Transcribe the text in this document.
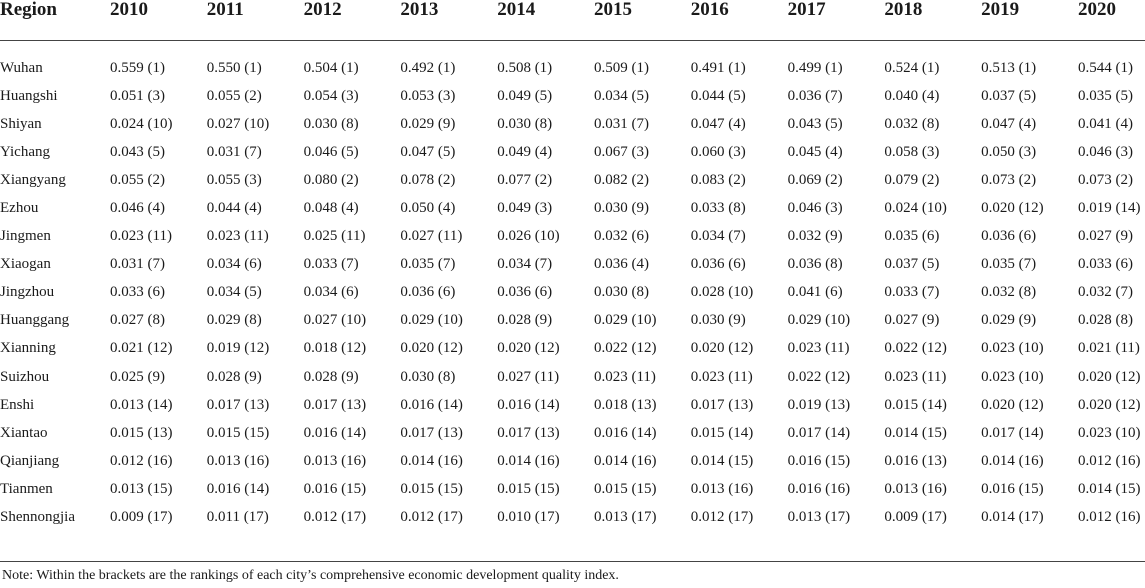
Region	2010	2011	2012	2013	2014	2015	2016	2017	2018	2019	2020

Wuhan	0.559 (1)	0.550 (1)	0.504 (1)	0.492 (1)	0.508 (1)	0.509 (1)	0.491 (1)	0.499 (1)	0.524 (1)	0.513 (1)	0.544 (1)
Huangshi	0.051 (3)	0.055 (2)	0.054 (3)	0.053 (3)	0.049 (5)	0.034 (5)	0.044 (5)	0.036 (7)	0.040 (4)	0.037 (5)	0.035 (5)
Shiyan	0.024 (10)	0.027 (10)	0.030 (8)	0.029 (9)	0.030 (8)	0.031 (7)	0.047 (4)	0.043 (5)	0.032 (8)	0.047 (4)	0.041 (4)
Yichang	0.043 (5)	0.031 (7)	0.046 (5)	0.047 (5)	0.049 (4)	0.067 (3)	0.060 (3)	0.045 (4)	0.058 (3)	0.050 (3)	0.046 (3)
Xiangyang	0.055 (2)	0.055 (3)	0.080 (2)	0.078 (2)	0.077 (2)	0.082 (2)	0.083 (2)	0.069 (2)	0.079 (2)	0.073 (2)	0.073 (2)
Ezhou	0.046 (4)	0.044 (4)	0.048 (4)	0.050 (4)	0.049 (3)	0.030 (9)	0.033 (8)	0.046 (3)	0.024 (10)	0.020 (12)	0.019 (14)
Jingmen	0.023 (11)	0.023 (11)	0.025 (11)	0.027 (11)	0.026 (10)	0.032 (6)	0.034 (7)	0.032 (9)	0.035 (6)	0.036 (6)	0.027 (9)
Xiaogan	0.031 (7)	0.034 (6)	0.033 (7)	0.035 (7)	0.034 (7)	0.036 (4)	0.036 (6)	0.036 (8)	0.037 (5)	0.035 (7)	0.033 (6)
Jingzhou	0.033 (6)	0.034 (5)	0.034 (6)	0.036 (6)	0.036 (6)	0.030 (8)	0.028 (10)	0.041 (6)	0.033 (7)	0.032 (8)	0.032 (7)
Huanggang	0.027 (8)	0.029 (8)	0.027 (10)	0.029 (10)	0.028 (9)	0.029 (10)	0.030 (9)	0.029 (10)	0.027 (9)	0.029 (9)	0.028 (8)
Xianning	0.021 (12)	0.019 (12)	0.018 (12)	0.020 (12)	0.020 (12)	0.022 (12)	0.020 (12)	0.023 (11)	0.022 (12)	0.023 (10)	0.021 (11)
Suizhou	0.025 (9)	0.028 (9)	0.028 (9)	0.030 (8)	0.027 (11)	0.023 (11)	0.023 (11)	0.022 (12)	0.023 (11)	0.023 (10)	0.020 (12)
Enshi	0.013 (14)	0.017 (13)	0.017 (13)	0.016 (14)	0.016 (14)	0.018 (13)	0.017 (13)	0.019 (13)	0.015 (14)	0.020 (12)	0.020 (12)
Xiantao	0.015 (13)	0.015 (15)	0.016 (14)	0.017 (13)	0.017 (13)	0.016 (14)	0.015 (14)	0.017 (14)	0.014 (15)	0.017 (14)	0.023 (10)
Qianjiang	0.012 (16)	0.013 (16)	0.013 (16)	0.014 (16)	0.014 (16)	0.014 (16)	0.014 (15)	0.016 (15)	0.016 (13)	0.014 (16)	0.012 (16)
Tianmen	0.013 (15)	0.016 (14)	0.016 (15)	0.015 (15)	0.015 (15)	0.015 (15)	0.013 (16)	0.016 (16)	0.013 (16)	0.016 (15)	0.014 (15)
Shennongjia	0.009 (17)	0.011 (17)	0.012 (17)	0.012 (17)	0.010 (17)	0.013 (17)	0.012 (17)	0.013 (17)	0.009 (17)	0.014 (17)	0.012 (16)
Note: Within the brackets are the rankings of each city’s comprehensive economic development quality index.
